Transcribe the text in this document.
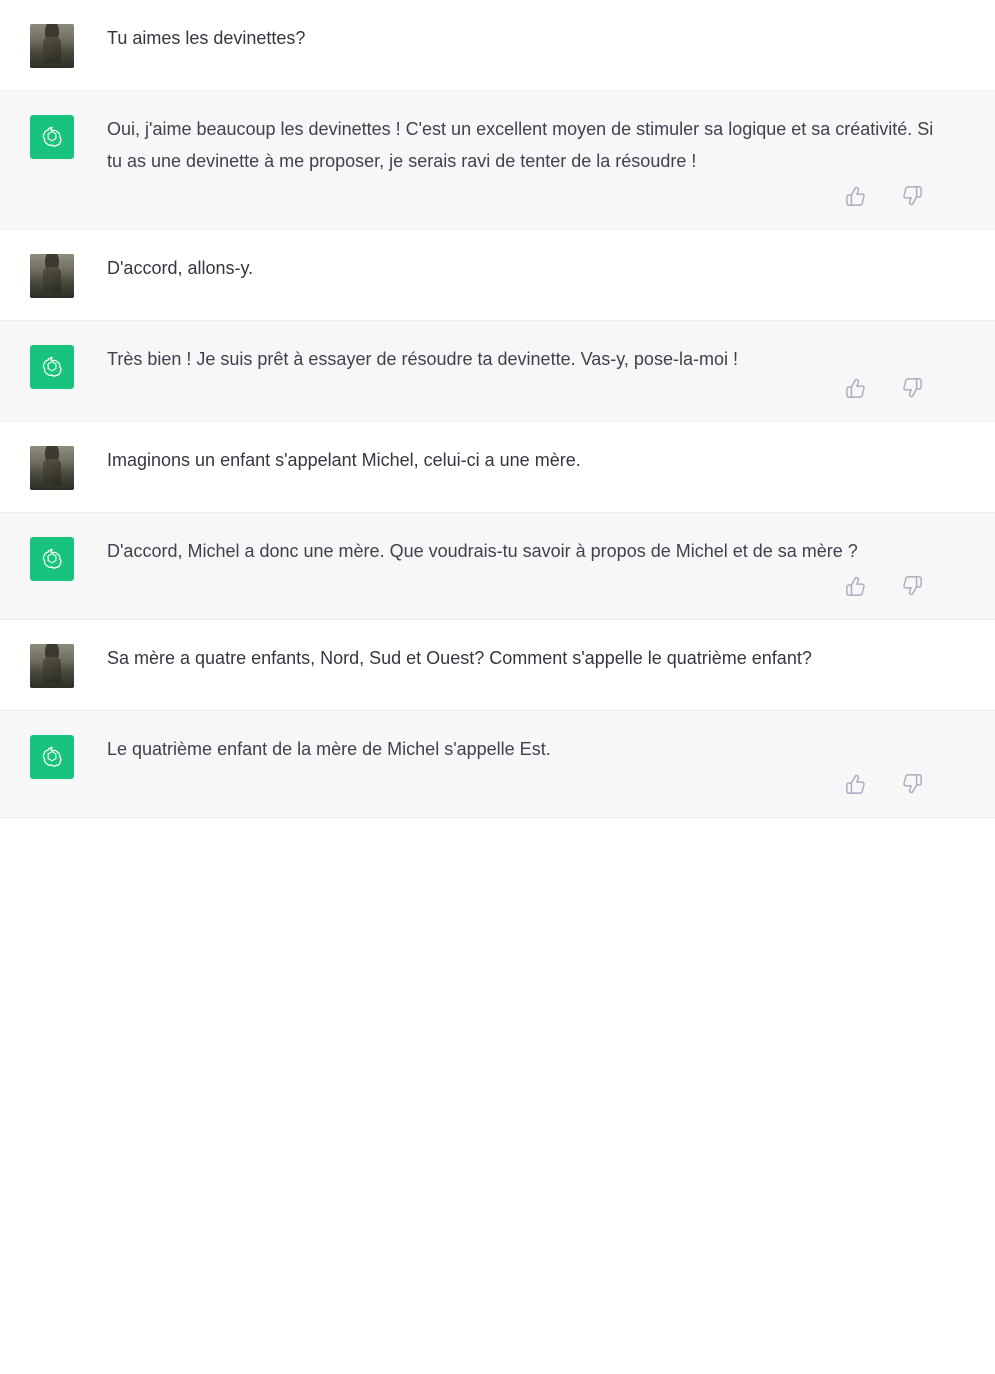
Tu aimes les devinettes?
Oui, j'aime beaucoup les devinettes ! C'est un excellent moyen de stimuler sa logique et sa créativité. Si tu as une devinette à me proposer, je serais ravi de tenter de la résoudre !
D'accord, allons-y.
Très bien ! Je suis prêt à essayer de résoudre ta devinette. Vas-y, pose-la-moi !
Imaginons un enfant s'appelant Michel, celui-ci a une mère.
D'accord, Michel a donc une mère. Que voudrais-tu savoir à propos de Michel et de sa mère ?
Sa mère a quatre enfants, Nord, Sud et Ouest? Comment s'appelle le quatrième enfant?
Le quatrième enfant de la mère de Michel s'appelle Est.
